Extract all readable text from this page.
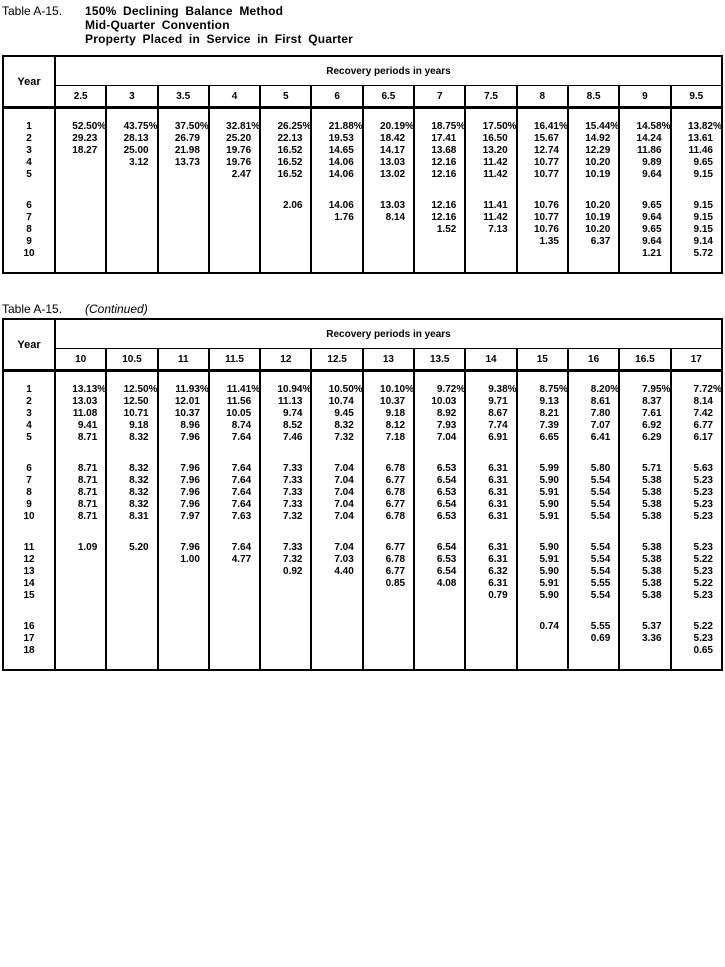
Table A-15.	150% Declining Balance Method
Mid-Quarter Convention
Property Placed in Service in First Quarter
Year	Recovery periods in years												
	2.5	3	3.5	4	5	6	6.5	7	7.5	8	8.5	9	9.5

1	52.50%	43.75%	37.50%	32.81%	26.25%	21.88%	20.19%	18.75%	17.50%	16.41%	15.44%	14.58%	13.82%
2	29.23	28.13	26.79	25.20	22.13	19.53	18.42	17.41	16.50	15.67	14.92	14.24	13.61
3	18.27	25.00	21.98	19.76	16.52	14.65	14.17	13.68	13.20	12.74	12.29	11.86	11.46
4		3.12	13.73	19.76	16.52	14.06	13.03	12.16	11.42	10.77	10.20	9.89	9.65
5				2.47	16.52	14.06	13.02	12.16	11.42	10.77	10.19	9.64	9.15

6					2.06	14.06	13.03	12.16	11.41	10.76	10.20	9.65	9.15
7						1.76	8.14	12.16	11.42	10.77	10.19	9.64	9.15
8								1.52	7.13	10.76	10.20	9.65	9.15
9										1.35	6.37	9.64	9.14
10												1.21	5.72

Table A-15.	(Continued)
Year	Recovery periods in years												
	10	10.5	11	11.5	12	12.5	13	13.5	14	15	16	16.5	17

1	13.13%	12.50%	11.93%	11.41%	10.94%	10.50%	10.10%	9.72%	9.38%	8.75%	8.20%	7.95%	7.72%
2	13.03	12.50	12.01	11.56	11.13	10.74	10.37	10.03	9.71	9.13	8.61	8.37	8.14
3	11.08	10.71	10.37	10.05	9.74	9.45	9.18	8.92	8.67	8.21	7.80	7.61	7.42
4	9.41	9.18	8.96	8.74	8.52	8.32	8.12	7.93	7.74	7.39	7.07	6.92	6.77
5	8.71	8.32	7.96	7.64	7.46	7.32	7.18	7.04	6.91	6.65	6.41	6.29	6.17

6	8.71	8.32	7.96	7.64	7.33	7.04	6.78	6.53	6.31	5.99	5.80	5.71	5.63
7	8.71	8.32	7.96	7.64	7.33	7.04	6.77	6.54	6.31	5.90	5.54	5.38	5.23
8	8.71	8.32	7.96	7.64	7.33	7.04	6.78	6.53	6.31	5.91	5.54	5.38	5.23
9	8.71	8.32	7.96	7.64	7.33	7.04	6.77	6.54	6.31	5.90	5.54	5.38	5.23
10	8.71	8.31	7.97	7.63	7.32	7.04	6.78	6.53	6.31	5.91	5.54	5.38	5.23

11	1.09	5.20	7.96	7.64	7.33	7.04	6.77	6.54	6.31	5.90	5.54	5.38	5.23
12			1.00	4.77	7.32	7.03	6.78	6.53	6.31	5.91	5.54	5.38	5.22
13					0.92	4.40	6.77	6.54	6.32	5.90	5.54	5.38	5.23
14							0.85	4.08	6.31	5.91	5.55	5.38	5.22
15									0.79	5.90	5.54	5.38	5.23

16										0.74	5.55	5.37	5.22
17											0.69	3.36	5.23
18													0.65
